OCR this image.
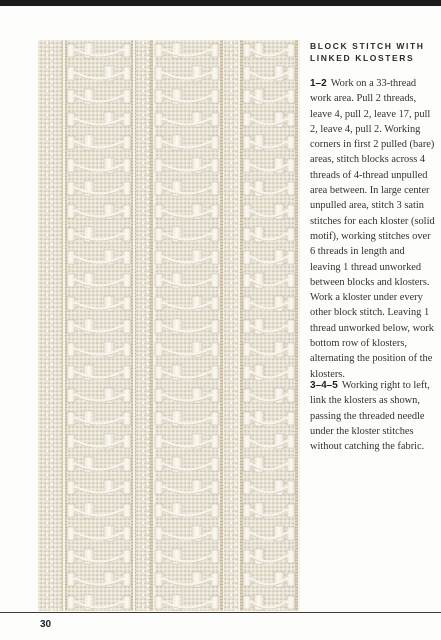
BLOCK STITCH WITH LINKED KLOSTERS

1–2 Work on a 33-thread work area. Pull 2 threads, leave 4, pull 2, leave 17, pull 2, leave 4, pull 2. Working corners in first 2 pulled (bare) areas, stitch blocks across 4 threads of 4-thread unpulled area between. In large center unpulled area, stitch 3 satin stitches for each kloster (solid motif), working stitches over 6 threads in length and leaving 1 thread unworked between blocks and klosters. Work a kloster under every other block stitch. Leaving 1 thread unworked below, work bottom row of klosters, alternating the position of the klosters.

3–4–5 Working right to left, link the klosters as shown, passing the threaded needle under the kloster stitches without catching the fabric.

30
